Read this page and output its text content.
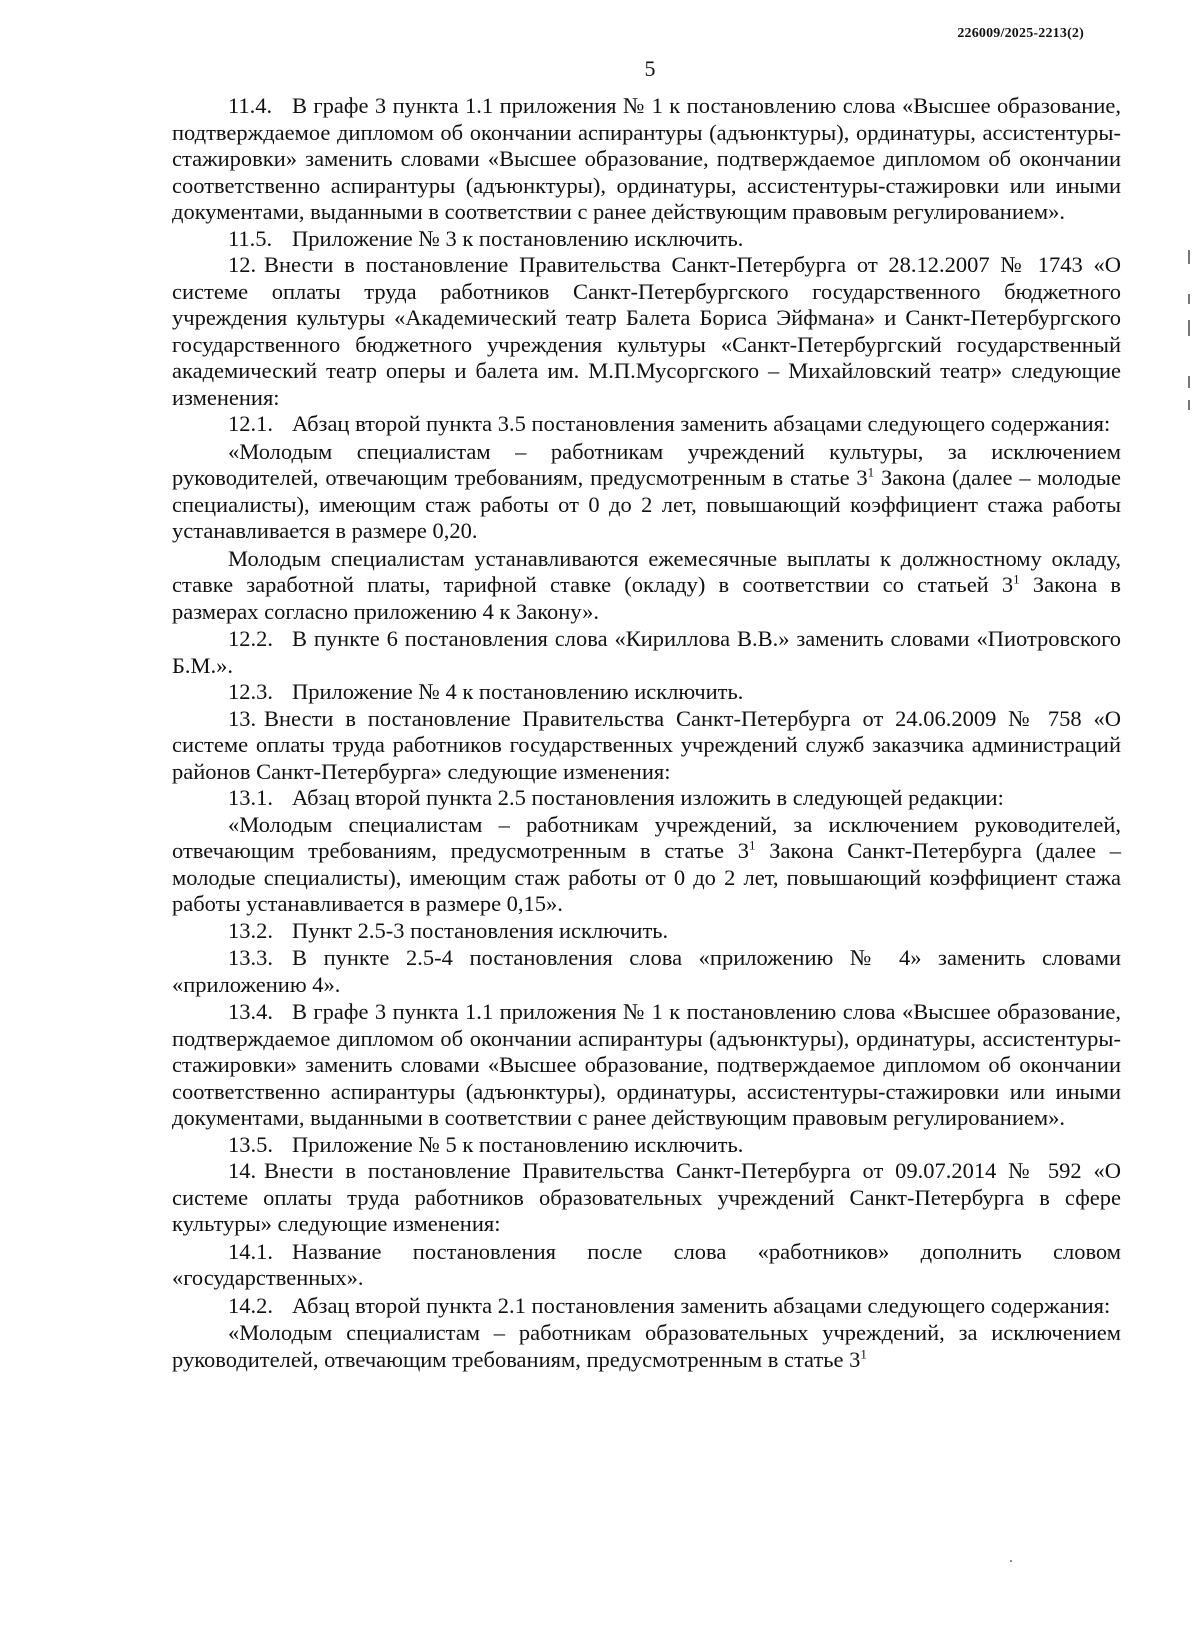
226009/2025-2213(2)
5

11.4. В графе 3 пункта 1.1 приложения № 1 к постановлению слова «Высшее образование, подтверждаемое дипломом об окончании аспирантуры (адъюнктуры), ординатуры, ассистентуры-стажировки» заменить словами «Высшее образование, подтверждаемое дипломом об окончании соответственно аспирантуры (адъюнктуры), ординатуры, ассистентуры-стажировки или иными документами, выданными в соответствии с ранее действующим правовым регулированием».

11.5. Приложение № 3 к постановлению исключить.

12. Внести в постановление Правительства Санкт-Петербурга от 28.12.2007 № 1743 «О системе оплаты труда работников Санкт-Петербургского государственного бюджетного учреждения культуры «Академический театр Балета Бориса Эйфмана» и Санкт-Петербургского государственного бюджетного учреждения культуры «Санкт-Петербургский государственный академический театр оперы и балета им. М.П.Мусоргского – Михайловский театр» следующие изменения:

12.1. Абзац второй пункта 3.5 постановления заменить абзацами следующего содержания:

«Молодым специалистам – работникам учреждений культуры, за исключением руководителей, отвечающим требованиям, предусмотренным в статье $3^1$ Закона (далее – молодые специалисты), имеющим стаж работы от 0 до 2 лет, повышающий коэффициент стажа работы устанавливается в размере 0,20.

Молодым специалистам устанавливаются ежемесячные выплаты к должностному окладу, ставке заработной платы, тарифной ставке (окладу) в соответствии со статьей $3^1$ Закона в размерах согласно приложению 4 к Закону».

12.2. В пункте 6 постановления слова «Кириллова В.В.» заменить словами «Пиотровского Б.М.».

12.3. Приложение № 4 к постановлению исключить.

13. Внести в постановление Правительства Санкт-Петербурга от 24.06.2009 № 758 «О системе оплаты труда работников государственных учреждений служб заказчика администраций районов Санкт-Петербурга» следующие изменения:

13.1. Абзац второй пункта 2.5 постановления изложить в следующей редакции:

«Молодым специалистам – работникам учреждений, за исключением руководителей, отвечающим требованиям, предусмотренным в статье $3^1$ Закона Санкт-Петербурга (далее – молодые специалисты), имеющим стаж работы от 0 до 2 лет, повышающий коэффициент стажа работы устанавливается в размере 0,15».

13.2. Пункт 2.5-3 постановления исключить.

13.3. В пункте 2.5-4 постановления слова «приложению № 4» заменить словами «приложению 4».

13.4. В графе 3 пункта 1.1 приложения № 1 к постановлению слова «Высшее образование, подтверждаемое дипломом об окончании аспирантуры (адъюнктуры), ординатуры, ассистентуры-стажировки» заменить словами «Высшее образование, подтверждаемое дипломом об окончании соответственно аспирантуры (адъюнктуры), ординатуры, ассистентуры-стажировки или иными документами, выданными в соответствии с ранее действующим правовым регулированием».

13.5. Приложение № 5 к постановлению исключить.

14. Внести в постановление Правительства Санкт-Петербурга от 09.07.2014 № 592 «О системе оплаты труда работников образовательных учреждений Санкт-Петербурга в сфере культуры» следующие изменения:

14.1. Название постановления после слова «работников» дополнить словом «государственных».

14.2. Абзац второй пункта 2.1 постановления заменить абзацами следующего содержания:

«Молодым специалистам – работникам образовательных учреждений, за исключением руководителей, отвечающим требованиям, предусмотренным в статье $3^1$
